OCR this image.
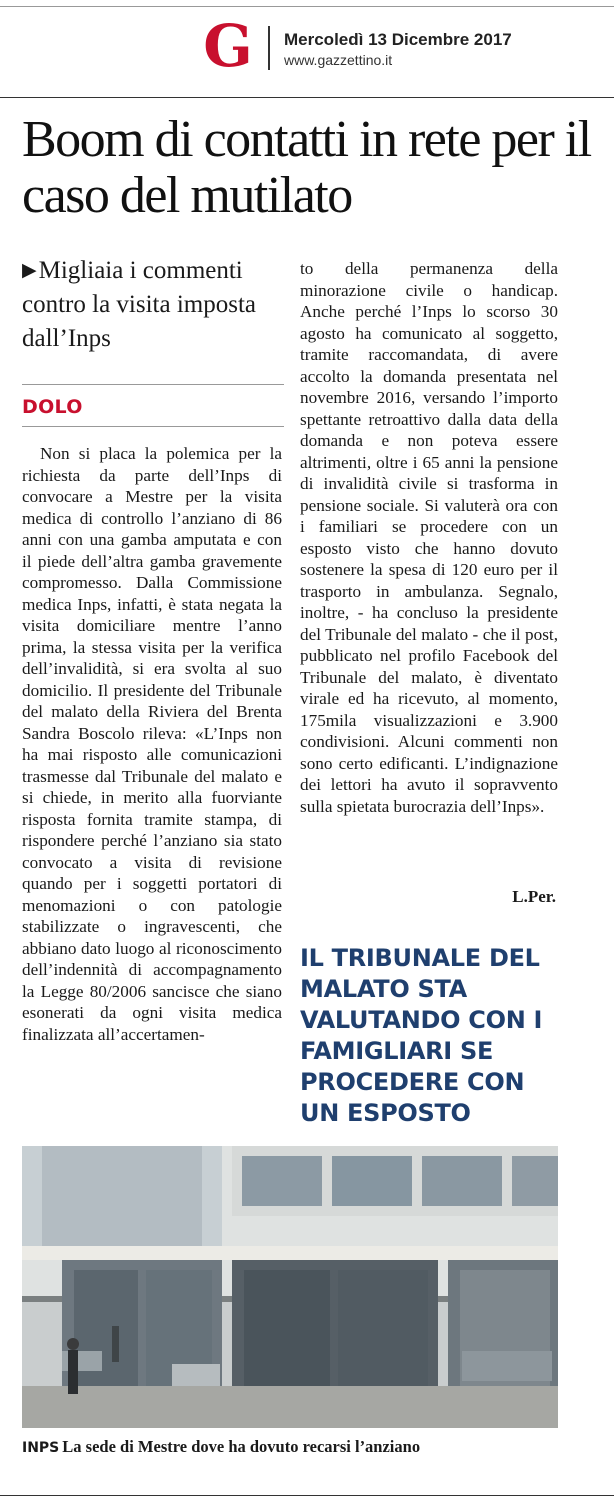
G Mercoledì 13 Dicembre 2017
www.gazzettino.it
Boom di contatti in rete per il caso del mutilato
▶Migliaia i commenti contro la visita imposta dall’Inps
DOLO
Non si placa la polemica per la richiesta da parte dell’Inps di convocare a Mestre per la visita medica di controllo l’anziano di 86 anni con una gamba amputata e con il piede dell’altra gamba gravemente compromesso. Dalla Commissione medica Inps, infatti, è stata negata la visita domiciliare mentre l’anno prima, la stessa visita per la verifica dell’invalidità, si era svolta al suo domicilio. Il presidente del Tribunale del malato della Riviera del Brenta Sandra Boscolo rileva: «L’Inps non ha mai risposto alle comunicazioni trasmesse dal Tribunale del malato e si chiede, in merito alla fuorviante risposta fornita tramite stampa, di rispondere perché l’anziano sia stato convocato a visita di revisione quando per i soggetti portatori di menomazioni o con patologie stabilizzate o ingravescenti, che abbiano dato luogo al riconoscimento dell’indennità di accompagnamento la Legge 80/2006 sancisce che siano esonerati da ogni visita medica finalizzata all’accertamen-
to della permanenza della minorazione civile o handicap. Anche perché l’Inps lo scorso 30 agosto ha comunicato al soggetto, tramite raccomandata, di avere accolto la domanda presentata nel novembre 2016, versando l’importo spettante retroattivo dalla data della domanda e non poteva essere altrimenti, oltre i 65 anni la pensione di invalidità civile si trasforma in pensione sociale. Si valuterà ora con i familiari se procedere con un esposto visto che hanno dovuto sostenere la spesa di 120 euro per il trasporto in ambulanza. Segnalo, inoltre, - ha concluso la presidente del Tribunale del malato - che il post, pubblicato nel profilo Facebook del Tribunale del malato, è diventato virale ed ha ricevuto, al momento, 175mila visualizzazioni e 3.900 condivisioni. Alcuni commenti non sono certo edificanti. L’indignazione dei lettori ha avuto il sopravvento sulla spietata burocrazia dell’Inps».
L.Per.
IL TRIBUNALE DEL MALATO STA VALUTANDO CON I FAMIGLIARI SE PROCEDERE CON UN ESPOSTO
INPS La sede di Mestre dove ha dovuto recarsi l’anziano
